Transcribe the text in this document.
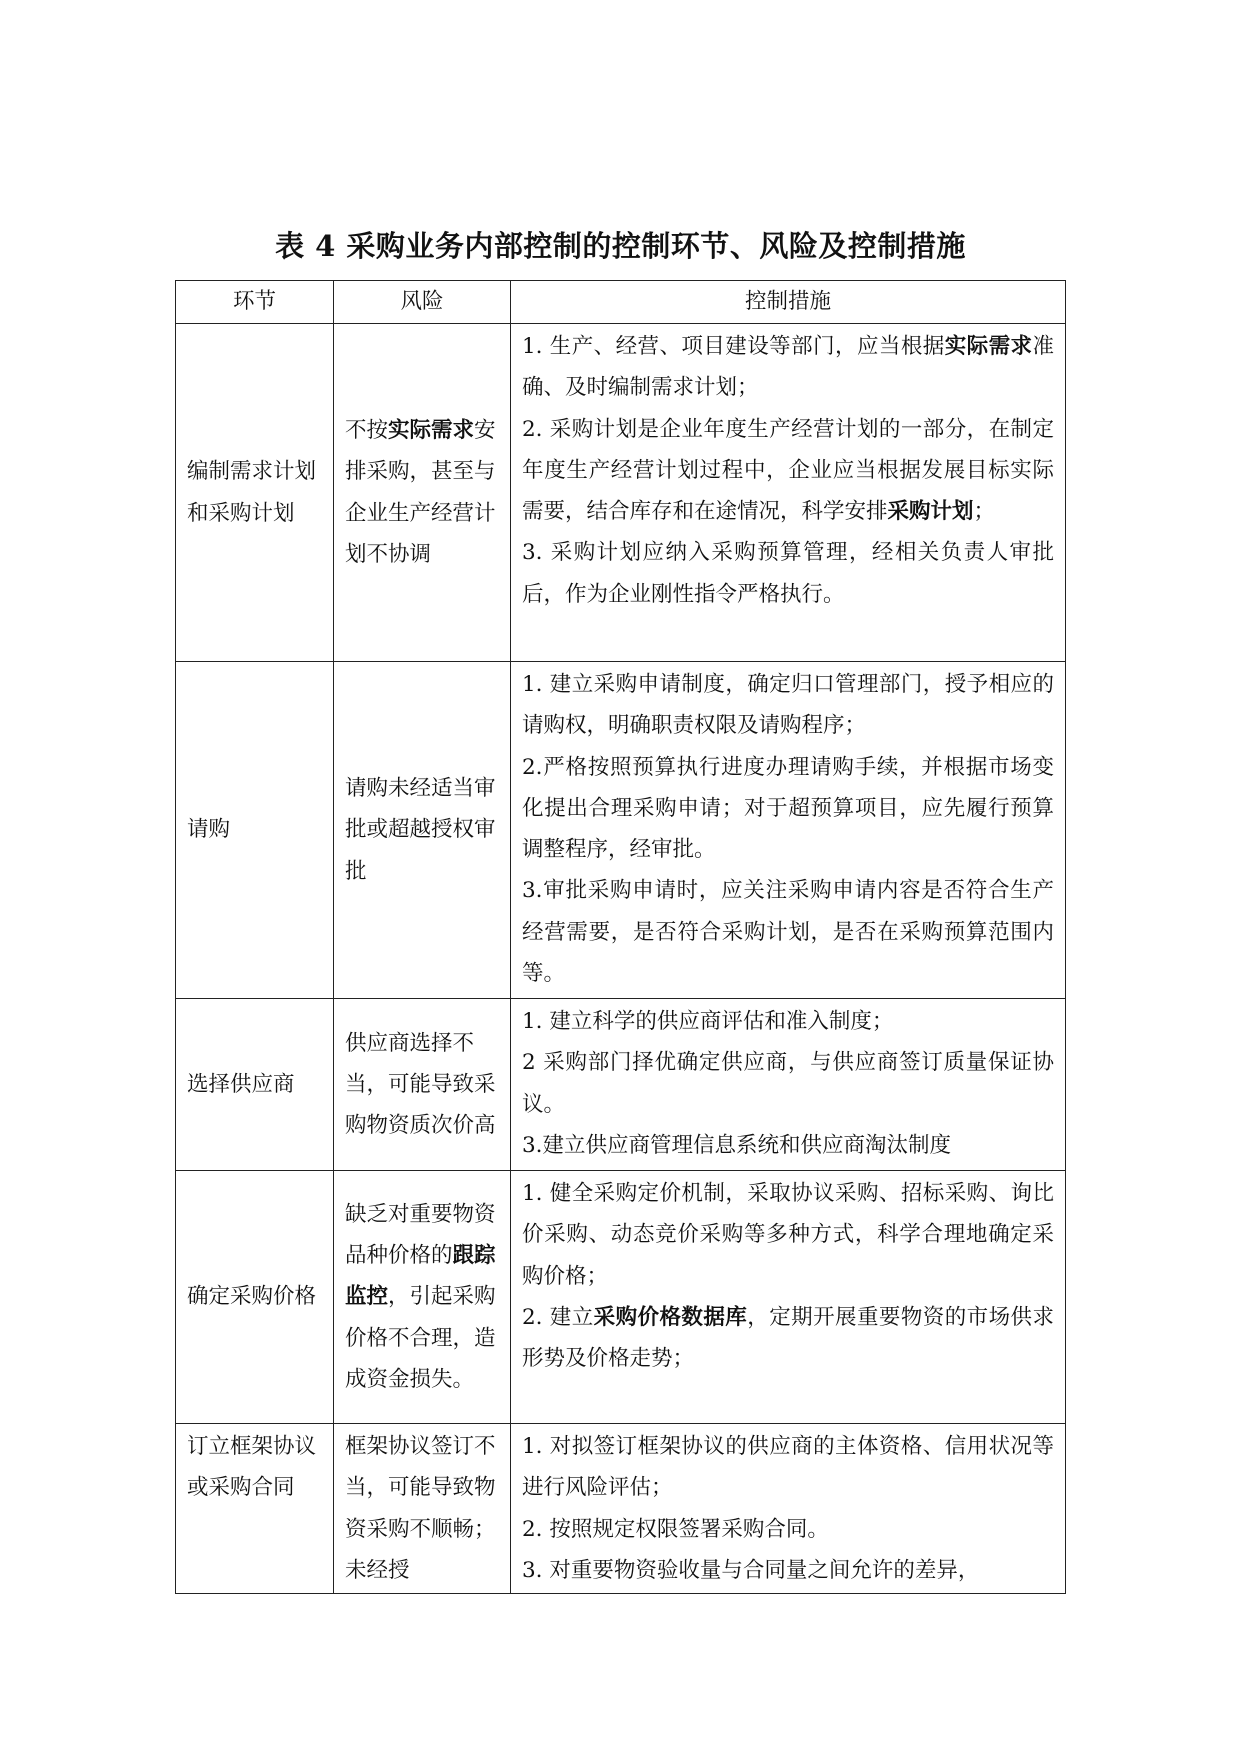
表 4 采购业务内部控制的控制环节、风险及控制措施
环节	风险	控制措施
编制需求计划和采购计划	不按实际需求安排采购，甚至与企业生产经营计划不协调	1. 生产、经营、项目建设等部门，应当根据实际需求准确、及时编制需求计划；
2. 采购计划是企业年度生产经营计划的一部分，在制定年度生产经营计划过程中，企业应当根据发展目标实际需要，结合库存和在途情况，科学安排采购计划；
3. 采购计划应纳入采购预算管理，经相关负责人审批后，作为企业刚性指令严格执行。

请购	请购未经适当审批或超越授权审批	1. 建立采购申请制度，确定归口管理部门，授予相应的请购权，明确职责权限及请购程序；
2.严格按照预算执行进度办理请购手续，并根据市场变化提出合理采购申请；对于超预算项目，应先履行预算调整程序，经审批。
3.审批采购申请时，应关注采购申请内容是否符合生产经营需要，是否符合采购计划，是否在采购预算范围内等。

选择供应商	供应商选择不当，可能导致采购物资质次价高	1. 建立科学的供应商评估和准入制度；
2 采购部门择优确定供应商，与供应商签订质量保证协议。
3.建立供应商管理信息系统和供应商淘汰制度

确定采购价格	缺乏对重要物资品种价格的跟踪监控，引起采购价格不合理，造成资金损失。	1. 健全采购定价机制，采取协议采购、招标采购、询比价采购、动态竞价采购等多种方式，科学合理地确定采购价格；
2. 建立采购价格数据库，定期开展重要物资的市场供求形势及价格走势；

订立框架协议或采购合同	框架协议签订不当，可能导致物资采购不顺畅；未经授	1. 对拟签订框架协议的供应商的主体资格、信用状况等进行风险评估；
2. 按照规定权限签署采购合同。
3. 对重要物资验收量与合同量之间允许的差异，
